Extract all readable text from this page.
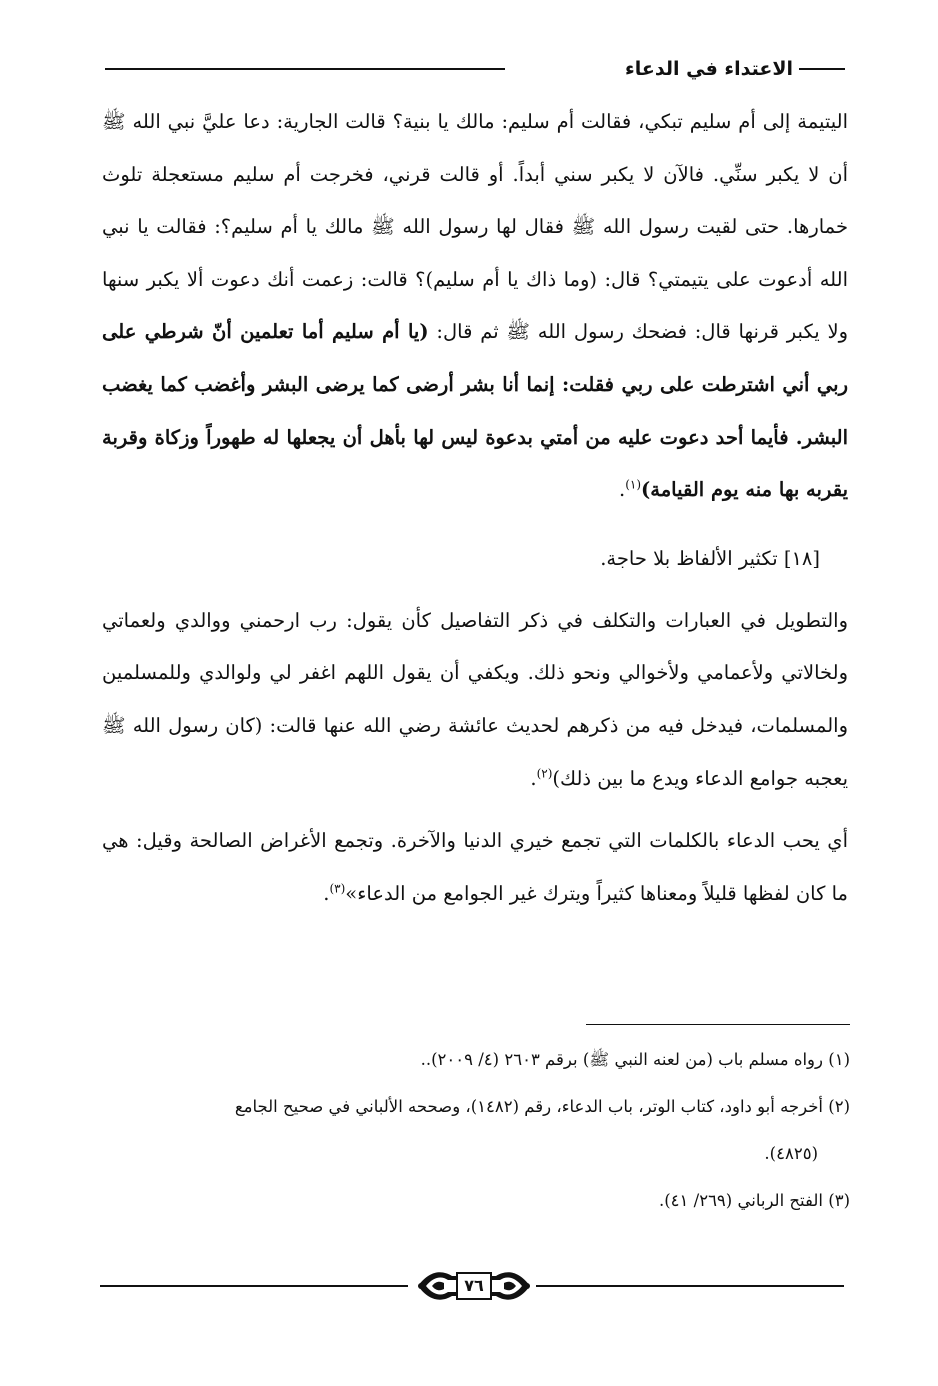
الاعتداء في الدعاء

اليتيمة إلى أم سليم تبكي، فقالت أم سليم: مالك يا بنية؟ قالت الجارية: دعا عليَّ نبي الله ﷺ أن لا يكبر سنِّي. فالآن لا يكبر سني أبداً. أو قالت قرني، فخرجت أم سليم مستعجلة تلوث خمارها. حتى لقيت رسول الله ﷺ فقال لها رسول الله ﷺ مالك يا أم سليم؟: فقالت يا نبي الله أدعوت على يتيمتي؟ قال: (وما ذاك يا أم سليم)؟ قالت: زعمت أنك دعوت ألا يكبر سنها ولا يكبر قرنها قال: فضحك رسول الله ﷺ ثم قال: (يا أم سليم أما تعلمين أنّ شرطي على ربي أني اشترطت على ربي فقلت: إنما أنا بشر أرضى كما يرضى البشر وأغضب كما يغضب البشر. فأيما أحد دعوت عليه من أمتي بدعوة ليس لها بأهل أن يجعلها له طهوراً وزكاة وقربة يقربه بها منه يوم القيامة)$^{(١)}$.

[١٨] تكثير الألفاظ بلا حاجة.

والتطويل في العبارات والتكلف في ذكر التفاصيل كأن يقول: رب ارحمني ووالدي ولعماتي ولخالاتي ولأعمامي ولأخوالي ونحو ذلك. ويكفي أن يقول اللهم اغفر لي ولوالدي وللمسلمين والمسلمات، فيدخل فيه من ذكرهم لحديث عائشة رضي الله عنها قالت: (كان رسول الله ﷺ يعجبه جوامع الدعاء ويدع ما بين ذلك)$^{(٢)}$.

أي يحب الدعاء بالكلمات التي تجمع خيري الدنيا والآخرة. وتجمع الأغراض الصالحة وقيل: هي ما كان لفظها قليلاً ومعناها كثيراً ويترك غير الجوامع من الدعاء»$^{(٣)}$.

(١) رواه مسلم باب (من لعنه النبي ﷺ) برقم ٢٦٠٣ (٤/ ٢٠٠٩)..

(٢) أخرجه أبو داود، كتاب الوتر، باب الدعاء، رقم (١٤٨٢)، وصححه الألباني في صحيح الجامع

(٤٨٢٥).

(٣) الفتح الرباني (٢٦٩/ ٤١).

٧٦
